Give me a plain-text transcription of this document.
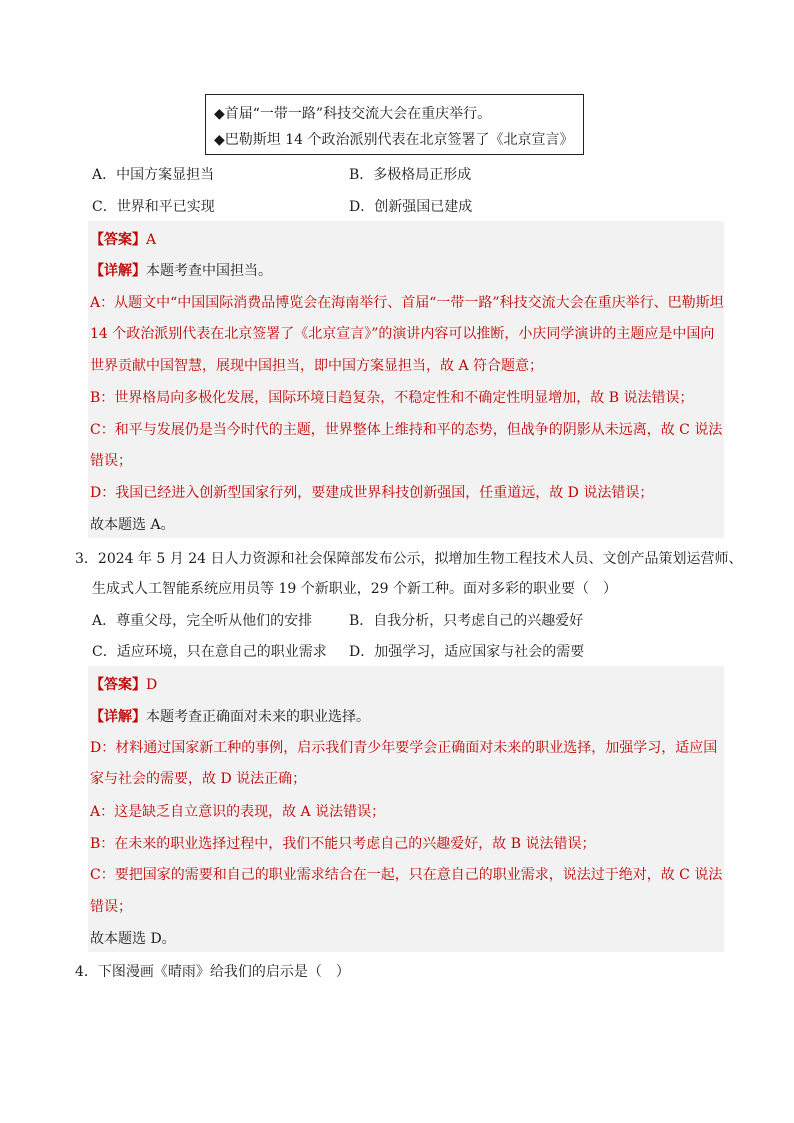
◆首届“一带一路”科技交流大会在重庆举行。
◆巴勒斯坦 14 个政治派别代表在北京签署了《北京宣言》
A．中国方案显担当	B．多极格局正形成
C．世界和平已实现	D．创新强国已建成
【答案】A
【详解】本题考查中国担当。
A：从题文中“中国国际消费品博览会在海南举行、首届“一带一路”科技交流大会在重庆举行、巴勒斯坦
14 个政治派别代表在北京签署了《北京宣言》”的演讲内容可以推断，小庆同学演讲的主题应是中国向
世界贡献中国智慧，展现中国担当，即中国方案显担当，故 A 符合题意；
B：世界格局向多极化发展，国际环境日趋复杂，不稳定性和不确定性明显增加，故 B 说法错误；
C：和平与发展仍是当今时代的主题，世界整体上维持和平的态势，但战争的阴影从未远离，故 C 说法
错误；
D：我国已经进入创新型国家行列，要建成世界科技创新强国，任重道远，故 D 说法错误；
故本题选 A。
3．2024 年 5 月 24 日人力资源和社会保障部发布公示，拟增加生物工程技术人员、文创产品策划运营师、
生成式人工智能系统应用员等 19 个新职业，29 个新工种。面对多彩的职业要（　）
A．尊重父母，完全听从他们的安排	B．自我分析，只考虑自己的兴趣爱好
C．适应环境，只在意自己的职业需求 D．加强学习，适应国家与社会的需要
【答案】D
【详解】本题考查正确面对未来的职业选择。
D：材料通过国家新工种的事例，启示我们青少年要学会正确面对未来的职业选择，加强学习，适应国
家与社会的需要，故 D 说法正确；
A：这是缺乏自立意识的表现，故 A 说法错误；
B：在未来的职业选择过程中，我们不能只考虑自己的兴趣爱好，故 B 说法错误；
C：要把国家的需要和自己的职业需求结合在一起，只在意自己的职业需求，说法过于绝对，故 C 说法
错误；
故本题选 D。
4．下图漫画《晴雨》给我们的启示是（　）
